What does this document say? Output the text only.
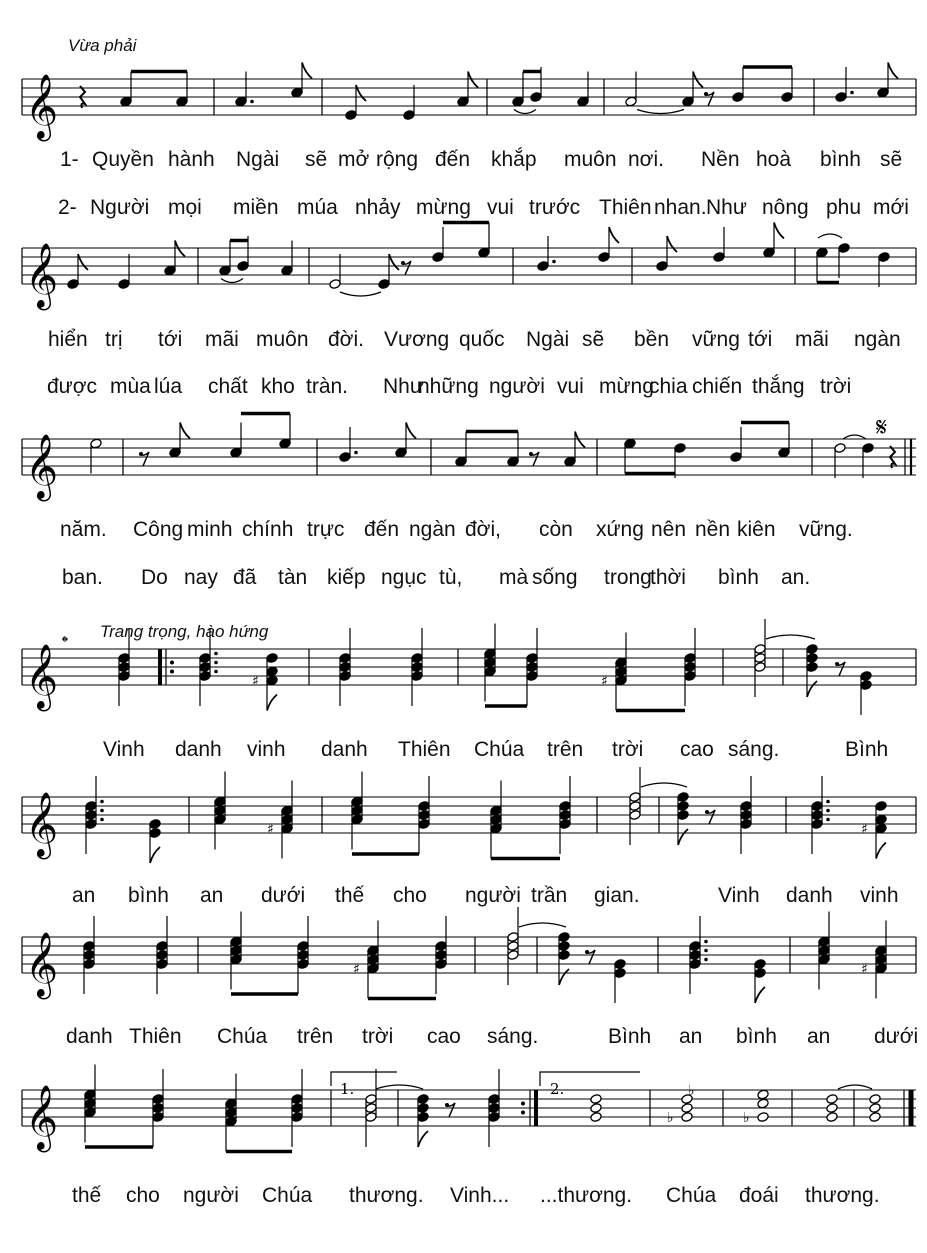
𝄞
𝄞
𝄞
𝄋
𝄞
𝄌
♯	♯
𝄞	♯	♯
𝄞	♯	♯
𝄞	1.	2.
♭
♭
♭
Vừa phải
Trang trọng, hào hứng
1- Quyền hành Ngài sẽ mở rộng đến khắp muôn nơi. Nền hoà bình sẽ
2- Người mọi miền múa nhảy mừng vui trước Thiên nhan. Như nông phu mới
hiển trị tới mãi muôn đời. Vương quốc Ngài sẽ bền vững tới mãi ngàn
được mùa lúa chất kho tràn. Như
những người vui mừng
chia chiến thắng trời
năm. Công minh chính trực đến ngàn đời, còn xứng nên nền kiên vững.
ban. Do nay đã tàn kiếp ngục tù, mà sống trong
thời bình an.
Vinh danh vinh danh Thiên Chúa trên trời cao sáng.	Bình
an bình an dưới thế cho người trần gian.	Vinh danh vinh
danh Thiên Chúa trên trời cao sáng.	Bình an bình an dưới
thế cho người Chúa thương. Vinh... ...thương. Chúa đoái thương.
